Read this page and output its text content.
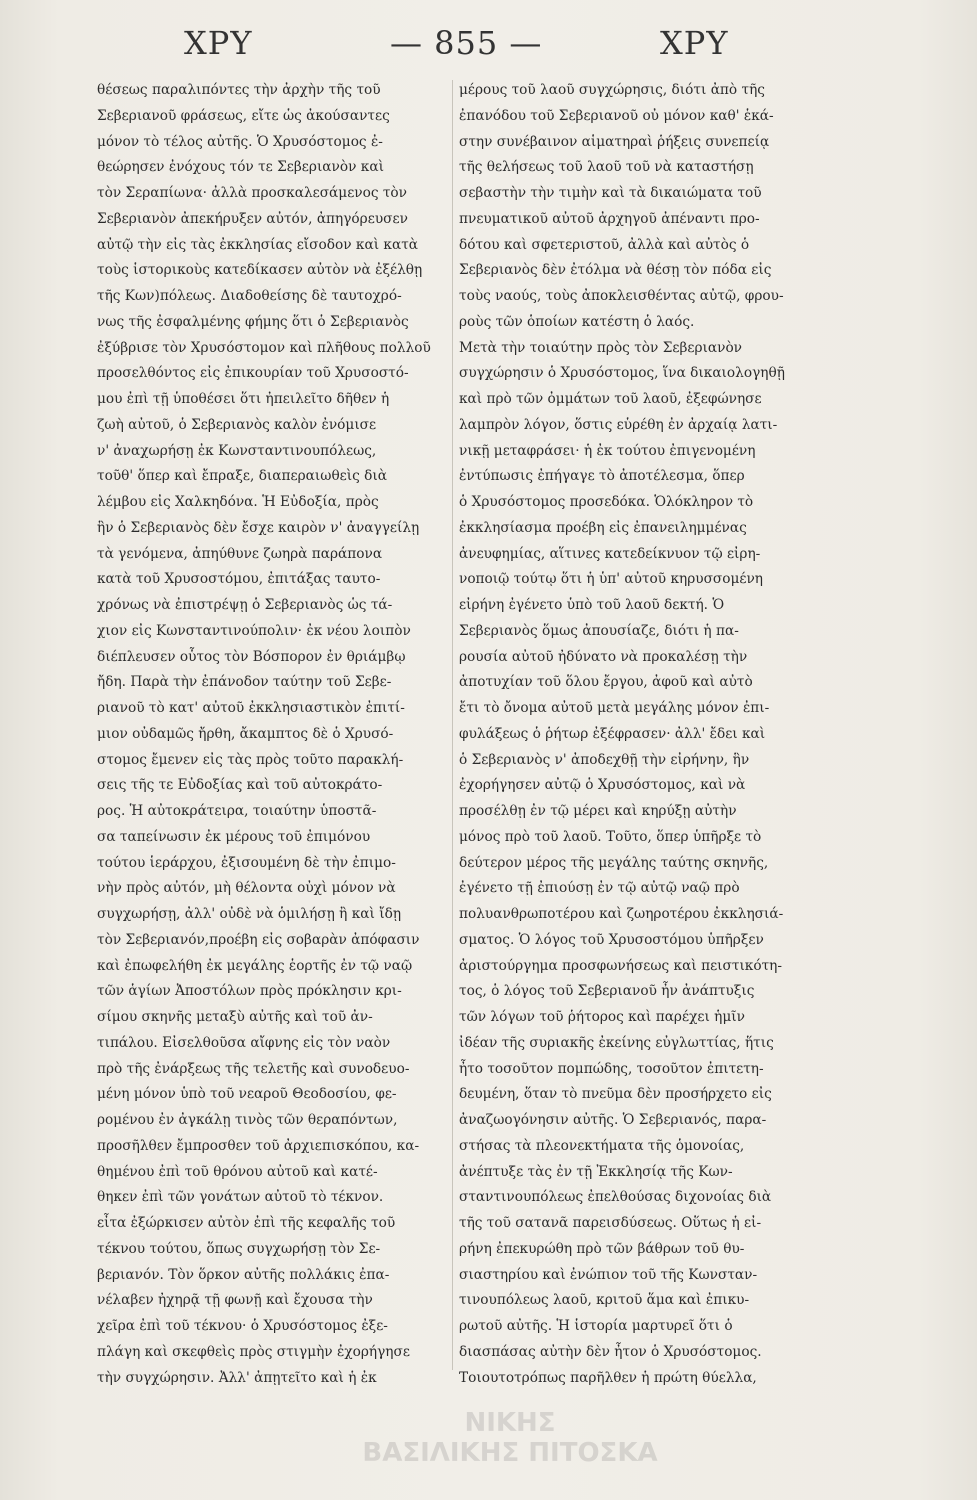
ΧΡΥ	— 855 —	ΧΡΥ
θέσεως παραλιπόντες τὴν ἀρχὴν τῆς τοῦ
Σεβεριανοῦ φράσεως, εἴτε ὡς ἀκούσαντες
μόνον τὸ τέλος αὐτῆς. Ὁ Χρυσόστομος ἐ-
θεώρησεν ἐνόχους τόν τε Σεβεριανὸν καὶ
τὸν Σεραπίωνα· ἀλλὰ προσκαλεσάμενος τὸν
Σεβεριανὸν ἀπεκήρυξεν αὐτόν, ἀπηγόρευσεν
αὐτῷ τὴν εἰς τὰς ἐκκλησίας εἴσοδον καὶ κατὰ
τοὺς ἱστορικοὺς κατεδίκασεν αὐτὸν νὰ ἐξέλθῃ
τῆς Κων)πόλεως. Διαδοθείσης δὲ ταυτοχρό-
νως τῆς ἐσφαλμένης φήμης ὅτι ὁ Σεβεριανὸς
ἐξύβρισε τὸν Χρυσόστομον καὶ πλῆθους πολλοῦ
προσελθόντος εἰς ἐπικουρίαν τοῦ Χρυσοστό-
μου ἐπὶ τῇ ὑποθέσει ὅτι ἠπειλεῖτο δῆθεν ἡ
ζωὴ αὐτοῦ, ὁ Σεβεριανὸς καλὸν ἐνόμισε
ν' ἀναχωρήσῃ ἐκ Κωνσταντινουπόλεως,
τοῦθ' ὅπερ καὶ ἔπραξε, διαπεραιωθεὶς διὰ
λέμβου εἰς Χαλκηδόνα. Ἡ Εὐδοξία, πρὸς
ἣν ὁ Σεβεριανὸς δὲν ἔσχε καιρὸν ν' ἀναγγείλῃ
τὰ γενόμενα, ἀπηύθυνε ζωηρὰ παράπονα
κατὰ τοῦ Χρυσοστόμου, ἐπιτάξας ταυτο-
χρόνως νὰ ἐπιστρέψῃ ὁ Σεβεριανὸς ὡς τά-
χιον εἰς Κωνσταντινούπολιν· ἐκ νέου λοιπὸν
διέπλευσεν οὗτος τὸν Βόσπορον ἐν θριάμβῳ
ἤδη. Παρὰ τὴν ἐπάνοδον ταύτην τοῦ Σεβε-
ριανοῦ τὸ κατ' αὐτοῦ ἐκκλησιαστικὸν ἐπιτί-
μιον οὐδαμῶς ἤρθη, ἄκαμπτος δὲ ὁ Χρυσό-
στομος ἔμενεν εἰς τὰς πρὸς τοῦτο παρακλή-
σεις τῆς τε Εὐδοξίας καὶ τοῦ αὐτοκράτο-
ρος. Ἡ αὐτοκράτειρα, τοιαύτην ὑποστᾶ-
σα ταπείνωσιν ἐκ μέρους τοῦ ἐπιμόνου
τούτου ἱεράρχου, ἐξισουμένη δὲ τὴν ἐπιμο-
νὴν πρὸς αὐτόν, μὴ θέλοντα οὐχὶ μόνον νὰ
συγχωρήσῃ, ἀλλ' οὐδὲ νὰ ὁμιλήσῃ ἢ καὶ ἴδῃ
τὸν Σεβεριανόν,προέβη εἰς σοβαρὰν ἀπόφασιν
καὶ ἐπωφελήθη ἐκ μεγάλης ἑορτῆς ἐν τῷ ναῷ
τῶν ἁγίων Ἀποστόλων πρὸς πρόκλησιν κρι-
σίμου σκηνῆς μεταξὺ αὐτῆς καὶ τοῦ ἀν-
τιπάλου. Εἰσελθοῦσα αἴφνης εἰς τὸν ναὸν
πρὸ τῆς ἐνάρξεως τῆς τελετῆς καὶ συνοδευο-
μένη μόνον ὑπὸ τοῦ νεαροῦ Θεοδοσίου, φε-
ρομένου ἐν ἀγκάλῃ τινὸς τῶν θεραπόντων,
προσῆλθεν ἔμπροσθεν τοῦ ἀρχιεπισκόπου, κα-
θημένου ἐπὶ τοῦ θρόνου αὐτοῦ καὶ κατέ-
θηκεν ἐπὶ τῶν γονάτων αὐτοῦ τὸ τέκνον.
εἶτα ἐξώρκισεν αὐτὸν ἐπὶ τῆς κεφαλῆς τοῦ
τέκνου τούτου, ὅπως συγχωρήσῃ τὸν Σε-
βεριανόν. Τὸν ὅρκον αὐτῆς πολλάκις ἐπα-
νέλαβεν ἠχηρᾷ τῇ φωνῇ καὶ ἔχουσα τὴν
χεῖρα ἐπὶ τοῦ τέκνου· ὁ Χρυσόστομος ἐξε-
πλάγη καὶ σκεφθεὶς πρὸς στιγμὴν ἐχορήγησε
τὴν συγχώρησιν. Ἀλλ' ἀπῃτεῖτο καὶ ἡ ἐκ
μέρους τοῦ λαοῦ συγχώρησις, διότι ἀπὸ τῆς
ἐπανόδου τοῦ Σεβεριανοῦ οὐ μόνον καθ' ἑκά-
στην συνέβαινον αἱματηραὶ ῥήξεις συνεπείᾳ
τῆς θελήσεως τοῦ λαοῦ τοῦ νὰ καταστήσῃ
σεβαστὴν τὴν τιμὴν καὶ τὰ δικαιώματα τοῦ
πνευματικοῦ αὐτοῦ ἀρχηγοῦ ἀπέναντι προ-
δότου καὶ σφετεριστοῦ, ἀλλὰ καὶ αὐτὸς ὁ
Σεβεριανὸς δὲν ἐτόλμα νὰ θέσῃ τὸν πόδα εἰς
τοὺς ναούς, τοὺς ἀποκλεισθέντας αὐτῷ, φρου-
ροὺς τῶν ὁποίων κατέστη ὁ λαός.
Μετὰ τὴν τοιαύτην πρὸς τὸν Σεβεριανὸν
συγχώρησιν ὁ Χρυσόστομος, ἵνα δικαιολογηθῇ
καὶ πρὸ τῶν ὀμμάτων τοῦ λαοῦ, ἐξεφώνησε
λαμπρὸν λόγον, ὅστις εὑρέθη ἐν ἀρχαίᾳ λατι-
νικῇ μεταφράσει· ἡ ἐκ τούτου ἐπιγενομένη
ἐντύπωσις ἐπήγαγε τὸ ἀποτέλεσμα, ὅπερ
ὁ Χρυσόστομος προσεδόκα. Ὁλόκληρον τὸ
ἐκκλησίασμα προέβη εἰς ἐπανειλημμένας
ἀνευφημίας, αἵτινες κατεδείκνυον τῷ εἰρη-
νοποιῷ τούτῳ ὅτι ἡ ὑπ' αὐτοῦ κηρυσσομένη
εἰρήνη ἐγένετο ὑπὸ τοῦ λαοῦ δεκτή. Ὁ
Σεβεριανὸς ὅμως ἀπουσίαζε, διότι ἡ πα-
ρουσία αὐτοῦ ἠδύνατο νὰ προκαλέσῃ τὴν
ἀποτυχίαν τοῦ ὅλου ἔργου, ἀφοῦ καὶ αὐτὸ
ἔτι τὸ ὄνομα αὐτοῦ μετὰ μεγάλης μόνον ἐπι-
φυλάξεως ὁ ῥήτωρ ἐξέφρασεν· ἀλλ' ἔδει καὶ
ὁ Σεβεριανὸς ν' ἀποδεχθῇ τὴν εἰρήνην, ἣν
ἐχορήγησεν αὐτῷ ὁ Χρυσόστομος, καὶ νὰ
προσέλθῃ ἐν τῷ μέρει καὶ κηρύξῃ αὐτὴν
μόνος πρὸ τοῦ λαοῦ. Τοῦτο, ὅπερ ὑπῆρξε τὸ
δεύτερον μέρος τῆς μεγάλης ταύτης σκηνῆς,
ἐγένετο τῇ ἐπιούσῃ ἐν τῷ αὐτῷ ναῷ πρὸ
πολυανθρωποτέρου καὶ ζωηροτέρου ἐκκλησιά-
σματος. Ὁ λόγος τοῦ Χρυσοστόμου ὑπῆρξεν
ἀριστούργημα προσφωνήσεως καὶ πειστικότη-
τος, ὁ λόγος τοῦ Σεβεριανοῦ ἦν ἀνάπτυξις
τῶν λόγων τοῦ ῥήτορος καὶ παρέχει ἡμῖν
ἰδέαν τῆς συριακῆς ἐκείνης εὐγλωττίας, ἥτις
ἦτο τοσοῦτον πομπώδης, τοσοῦτον ἐπιτετη-
δευμένη, ὅταν τὸ πνεῦμα δὲν προσήρχετο εἰς
ἀναζωογόνησιν αὐτῆς. Ὁ Σεβεριανός, παρα-
στήσας τὰ πλεονεκτήματα τῆς ὁμονοίας,
ἀνέπτυξε τὰς ἐν τῇ Ἐκκλησίᾳ τῆς Κων-
σταντινουπόλεως ἐπελθούσας διχονοίας διὰ
τῆς τοῦ σατανᾶ παρεισδύσεως. Οὕτως ἡ εἰ-
ρήνη ἐπεκυρώθη πρὸ τῶν βάθρων τοῦ θυ-
σιαστηρίου καὶ ἐνώπιον τοῦ τῆς Κωνσταν-
τινουπόλεως λαοῦ, κριτοῦ ἅμα καὶ ἐπικυ-
ρωτοῦ αὐτῆς. Ἡ ἱστορία μαρτυρεῖ ὅτι ὁ
διασπάσας αὐτὴν δὲν ἦτον ὁ Χρυσόστομος.
Τοιουτοτρόπως παρῆλθεν ἡ πρώτη θύελλα,
ΝΙΚΗΣ
ΒΑΣΙΛΙΚΗΣ ΠΙΤΟΣΚΑ
